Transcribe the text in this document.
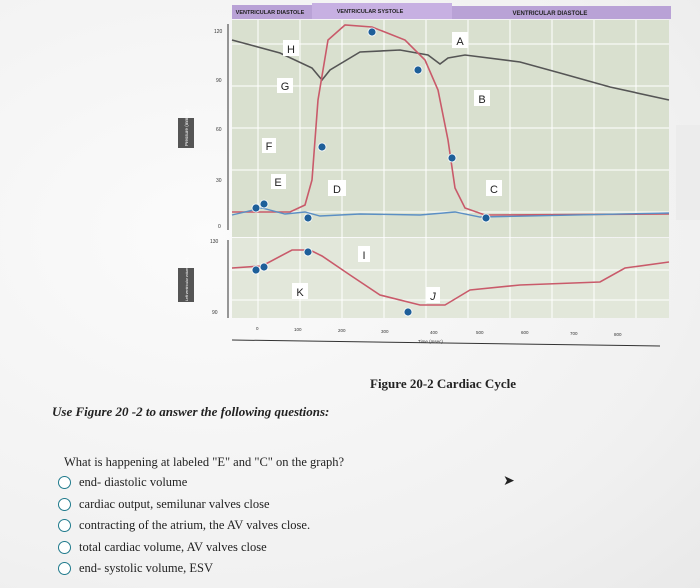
VENTRICULAR DIASTOLE	VENTRICULAR SYSTOLE	VENTRICULAR DIASTOLE
Pressure (mm Hg)
Left ventricular volume (mL)
120
90
60
30
0
130
90
0	100	200	300	400	500	600	700	800
Time (msec)
H
G
F
E
D
A
B
C
I
J
K
Figure 20-2 Cardiac Cycle
Use Figure 20 -2 to answer the following questions:
What is happening at labeled "E" and "C" on the graph?
end- diastolic volume
cardiac output, semilunar valves close
contracting of the atrium, the AV valves close.
total cardiac volume, AV valves close
end- systolic volume, ESV
➤
